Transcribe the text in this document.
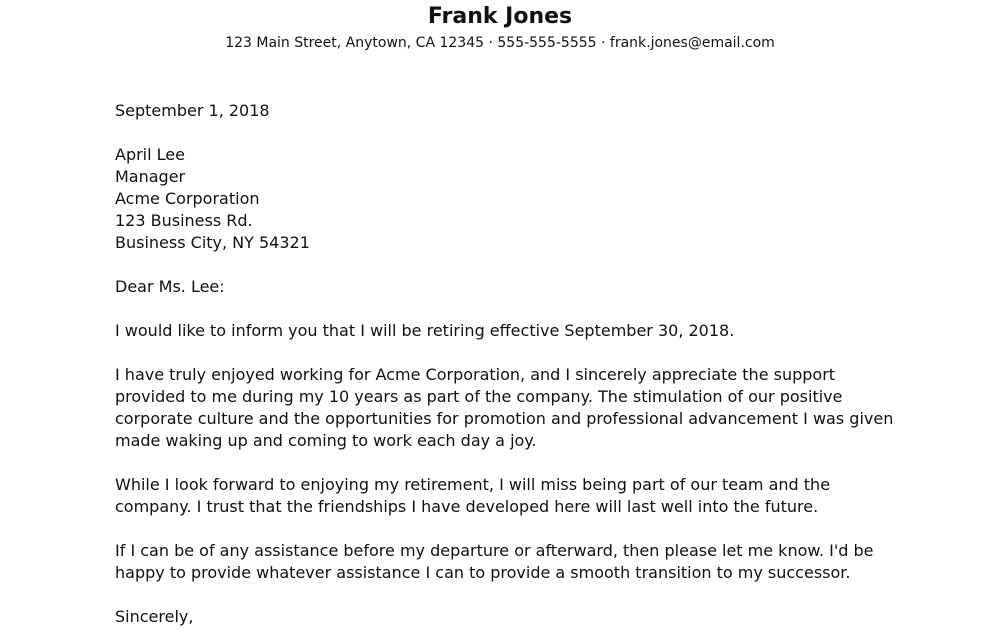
Frank Jones
123 Main Street, Anytown, CA 12345 · 555-555-5555 · frank.jones@email.com

September 1, 2018

April Lee
Manager
Acme Corporation
123 Business Rd.
Business City, NY 54321

Dear Ms. Lee:

I would like to inform you that I will be retiring effective September 30, 2018.

I have truly enjoyed working for Acme Corporation, and I sincerely appreciate the support provided to me during my 10 years as part of the company. The stimulation of our positive corporate culture and the opportunities for promotion and professional advancement I was given made waking up and coming to work each day a joy.

While I look forward to enjoying my retirement, I will miss being part of our team and the company. I trust that the friendships I have developed here will last well into the future.

If I can be of any assistance before my departure or afterward, then please let me know. I'd be happy to provide whatever assistance I can to provide a smooth transition to my successor.

Sincerely,
